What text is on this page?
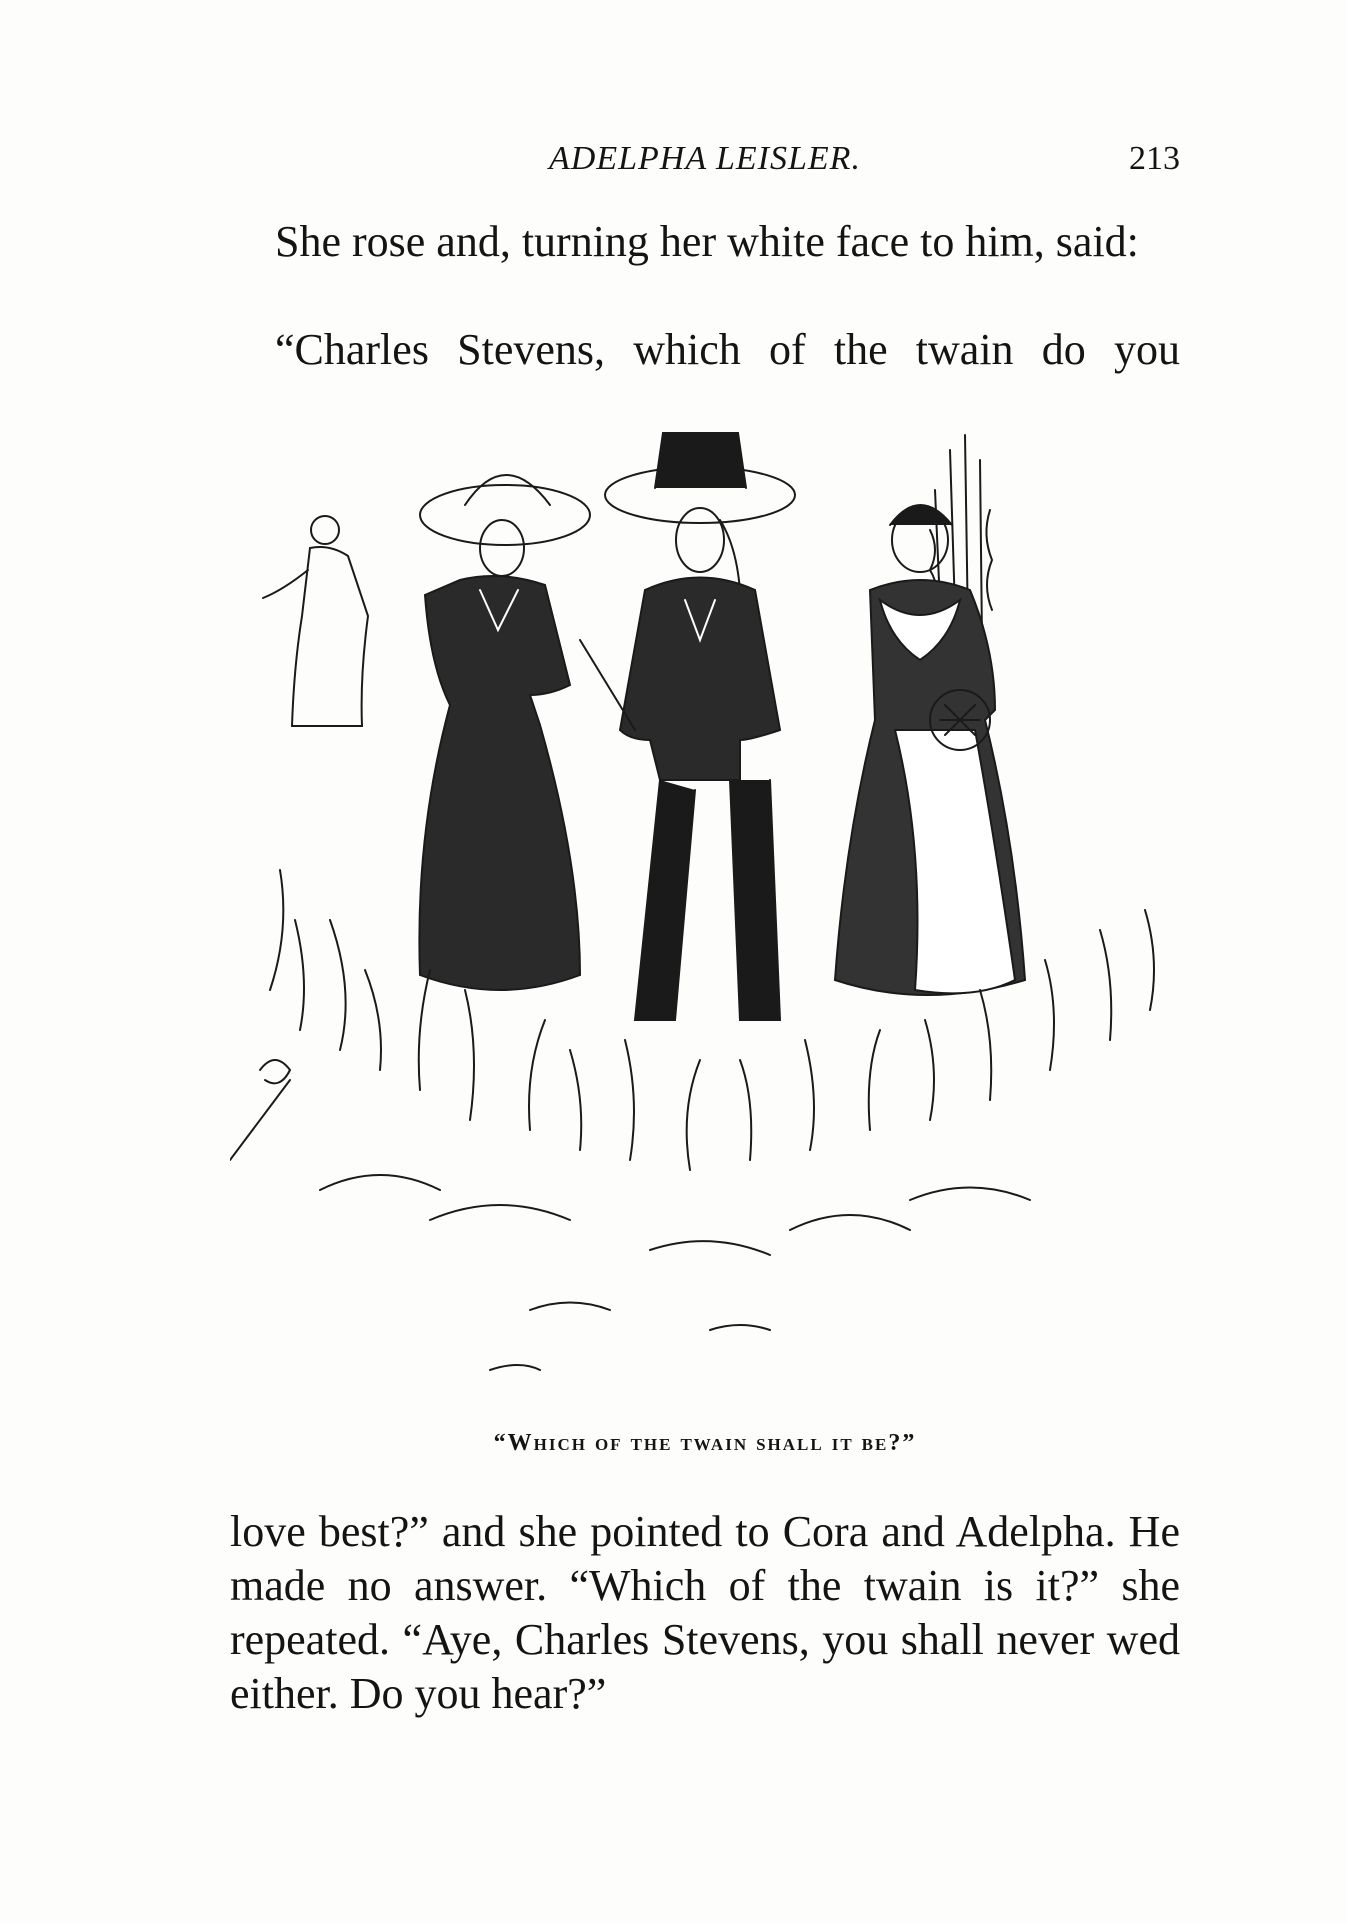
ADELPHA LEISLER.	213

She rose and, turning her white face to him, said:

“Charles Stevens, which of the twain do you

“Which of the twain shall it be?”

love best?” and she pointed to Cora and Adelpha. He made no answer. “Which of the twain is it?” she repeated. “Aye, Charles Stevens, you shall never wed either. Do you hear?”
